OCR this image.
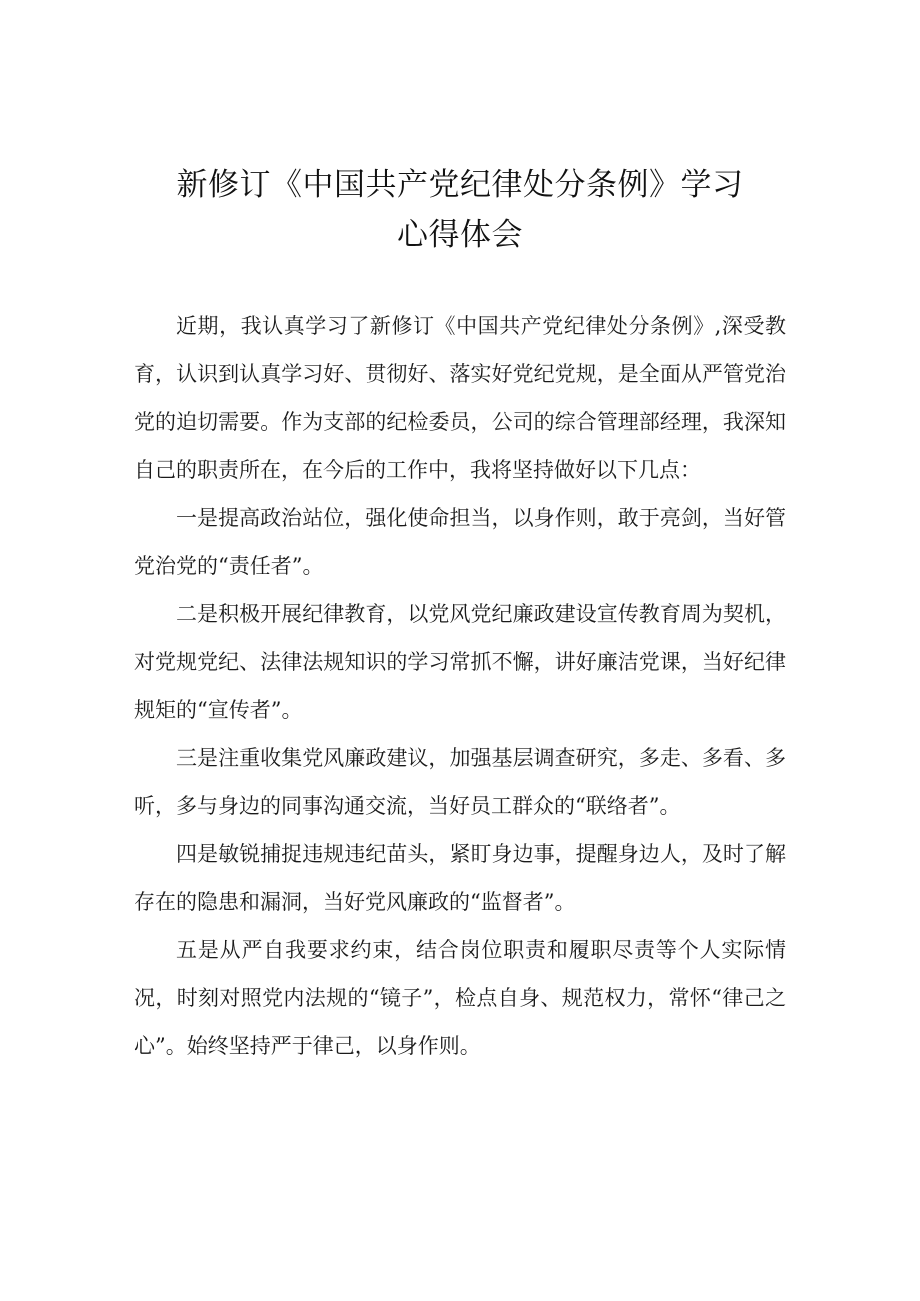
新修订《中国共产党纪律处分条例》学习
心得体会

近期，我认真学习了新修订《中国共产党纪律处分条例》,深受教育，认识到认真学习好、贯彻好、落实好党纪党规，是全面从严管党治党的迫切需要。作为支部的纪检委员，公司的综合管理部经理，我深知自己的职责所在，在今后的工作中，我将坚持做好以下几点：

一是提高政治站位，强化使命担当，以身作则，敢于亮剑，当好管党治党的“责任者”。

二是积极开展纪律教育，以党风党纪廉政建设宣传教育周为契机，对党规党纪、法律法规知识的学习常抓不懈，讲好廉洁党课，当好纪律规矩的“宣传者”。

三是注重收集党风廉政建议，加强基层调查研究，多走、多看、多听，多与身边的同事沟通交流，当好员工群众的“联络者”。

四是敏锐捕捉违规违纪苗头，紧盯身边事，提醒身边人，及时了解存在的隐患和漏洞，当好党风廉政的“监督者”。

五是从严自我要求约束，结合岗位职责和履职尽责等个人实际情况，时刻对照党内法规的“镜子”，检点自身、规范权力，常怀“律己之心”。始终坚持严于律己，以身作则。
